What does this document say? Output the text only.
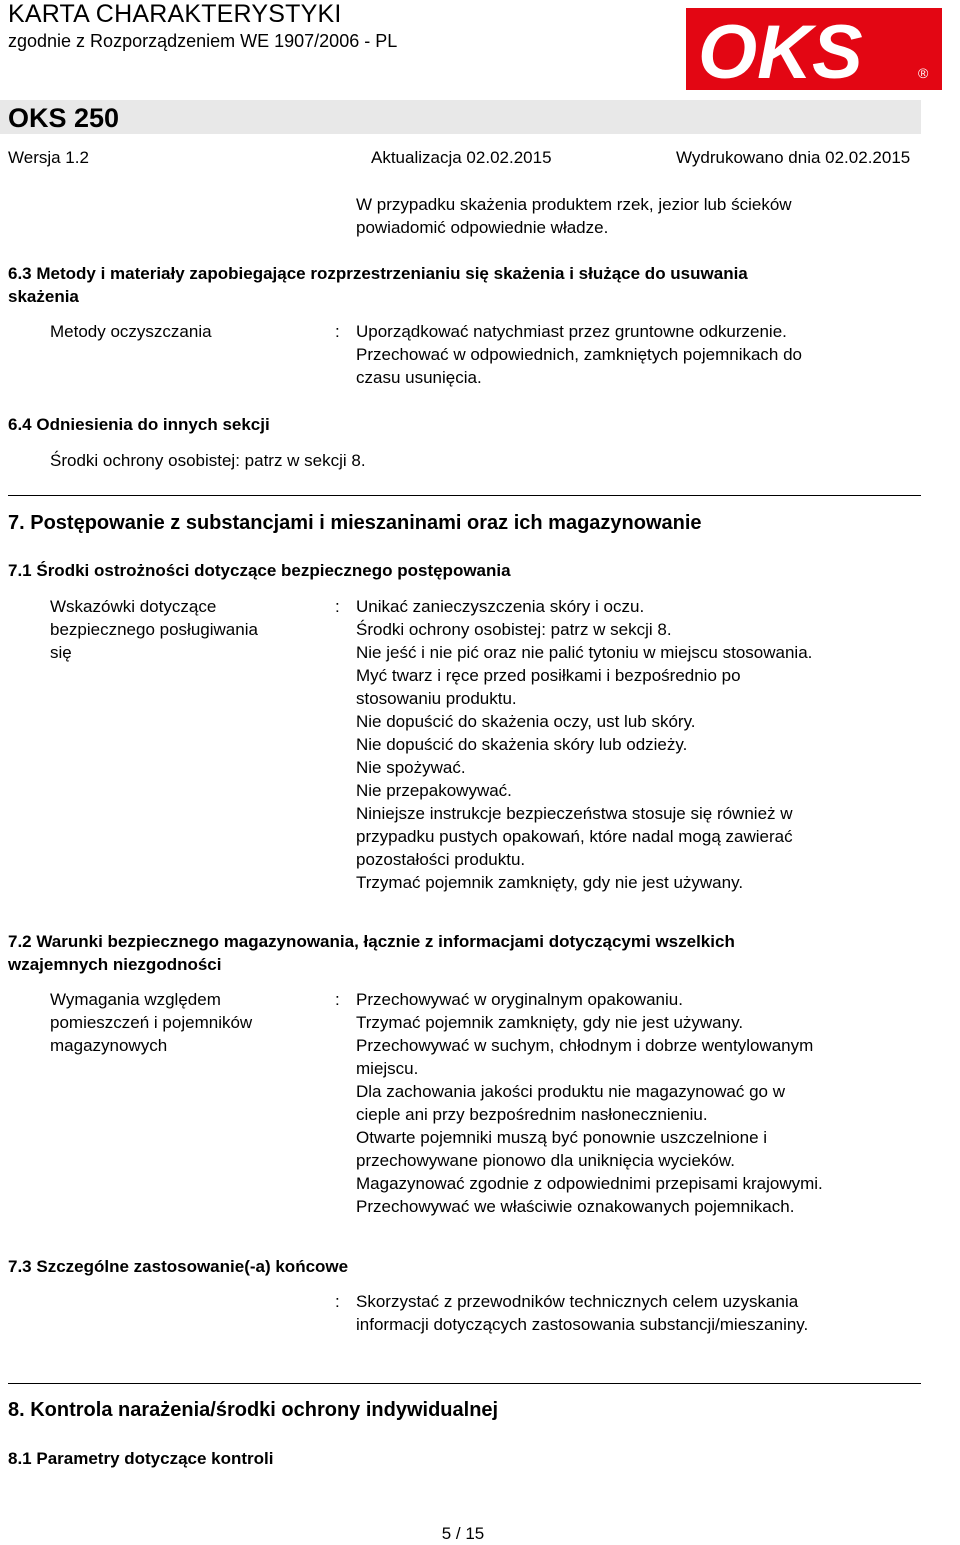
KARTA CHARAKTERYSTYKI
zgodnie z Rozporządzeniem WE 1907/2006 - PL	OKS	®
OKS 250
Wersja 1.2	Aktualizacja 02.02.2015	Wydrukowano dnia 02.02.2015
W przypadku skażenia produktem rzek, jezior lub ścieków
powiadomić odpowiednie władze.
6.3 Metody i materiały zapobiegające rozprzestrzenianiu się skażenia i służące do usuwania
skażenia
Metody oczyszczania	: Uporządkować natychmiast przez gruntowne odkurzenie.
Przechować w odpowiednich, zamkniętych pojemnikach do
czasu usunięcia.
6.4 Odniesienia do innych sekcji
Środki ochrony osobistej: patrz w sekcji 8.
7. Postępowanie z substancjami i mieszaninami oraz ich magazynowanie
7.1 Środki ostrożności dotyczące bezpiecznego postępowania
Wskazówki dotyczące
bezpiecznego posługiwania
się
: Unikać zanieczyszczenia skóry i oczu.
Środki ochrony osobistej: patrz w sekcji 8.
Nie jeść i nie pić oraz nie palić tytoniu w miejscu stosowania.
Myć twarz i ręce przed posiłkami i bezpośrednio po
stosowaniu produktu.
Nie dopuścić do skażenia oczy, ust lub skóry.
Nie dopuścić do skażenia skóry lub odzieży.
Nie spożywać.
Nie przepakowywać.
Niniejsze instrukcje bezpieczeństwa stosuje się również w
przypadku pustych opakowań, które nadal mogą zawierać
pozostałości produktu.
Trzymać pojemnik zamknięty, gdy nie jest używany.
7.2 Warunki bezpiecznego magazynowania, łącznie z informacjami dotyczącymi wszelkich
wzajemnych niezgodności
Wymagania względem
pomieszczeń i pojemników
magazynowych
: Przechowywać w oryginalnym opakowaniu.
Trzymać pojemnik zamknięty, gdy nie jest używany.
Przechowywać w suchym, chłodnym i dobrze wentylowanym
miejscu.
Dla zachowania jakości produktu nie magazynować go w
cieple ani przy bezpośrednim nasłonecznieniu.
Otwarte pojemniki muszą być ponownie uszczelnione i
przechowywane pionowo dla uniknięcia wycieków.
Magazynować zgodnie z odpowiednimi przepisami krajowymi.
Przechowywać we właściwie oznakowanych pojemnikach.
7.3 Szczególne zastosowanie(-a) końcowe
: Skorzystać z przewodników technicznych celem uzyskania
informacji dotyczących zastosowania substancji/mieszaniny.
8. Kontrola narażenia/środki ochrony indywidualnej
8.1 Parametry dotyczące kontroli
5 / 15
